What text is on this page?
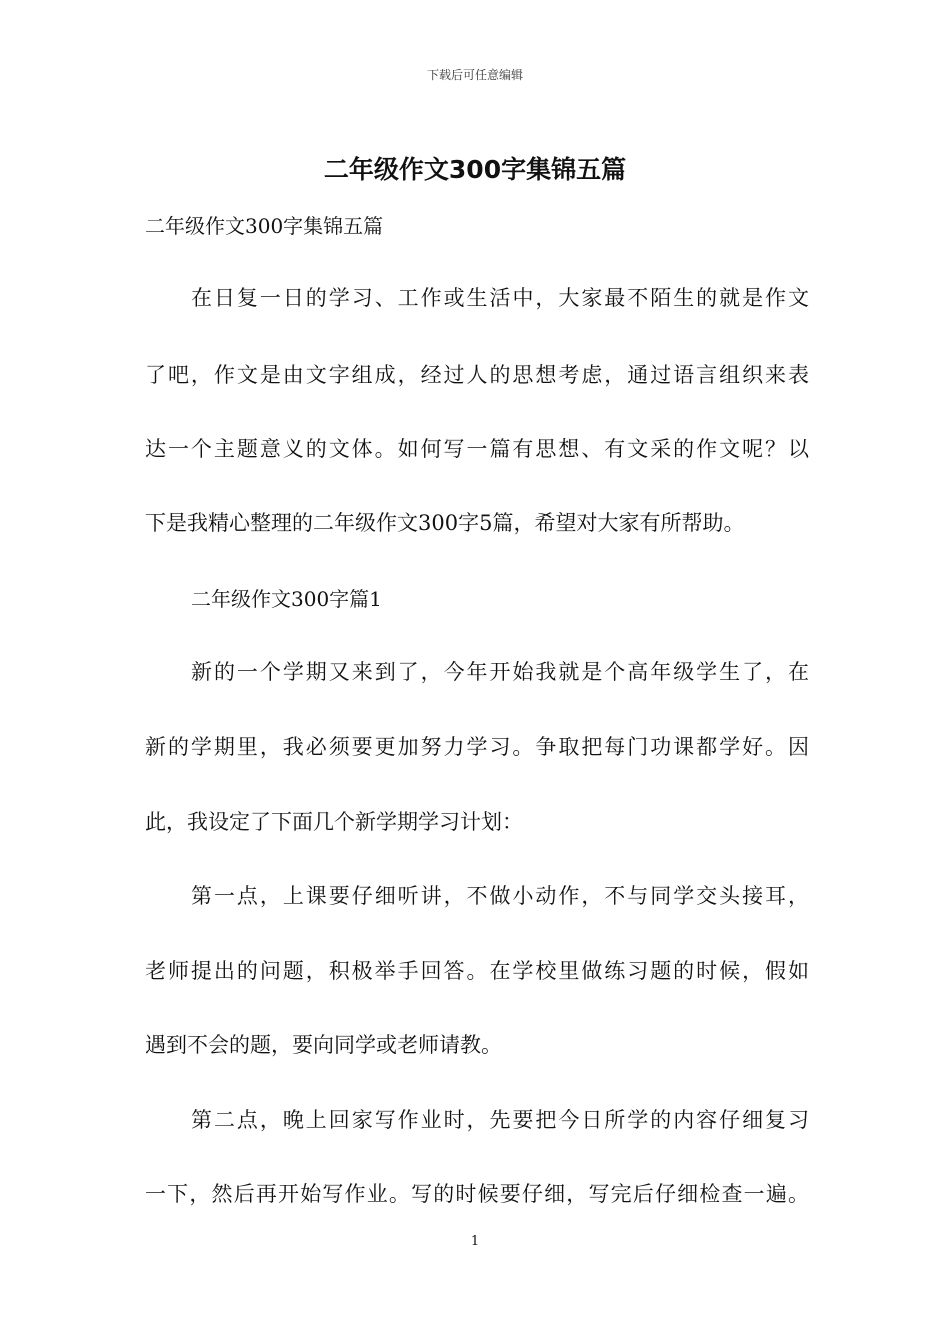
下载后可任意编辑
二年级作文300字集锦五篇
二年级作文300字集锦五篇
在日复一日的学习、工作或生活中，大家最不陌生的就是作文
了吧，作文是由文字组成，经过人的思想考虑，通过语言组织来表
达一个主题意义的文体。如何写一篇有思想、有文采的作文呢？以
下是我精心整理的二年级作文300字5篇，希望对大家有所帮助。
二年级作文300字篇1
新的一个学期又来到了，今年开始我就是个高年级学生了，在
新的学期里，我必须要更加努力学习。争取把每门功课都学好。因
此，我设定了下面几个新学期学习计划：
第一点，上课要仔细听讲，不做小动作，不与同学交头接耳，
老师提出的问题，积极举手回答。在学校里做练习题的时候，假如
遇到不会的题，要向同学或老师请教。
第二点，晚上回家写作业时，先要把今日所学的内容仔细复习
一下，然后再开始写作业。写的时候要仔细，写完后仔细检查一遍。
1
